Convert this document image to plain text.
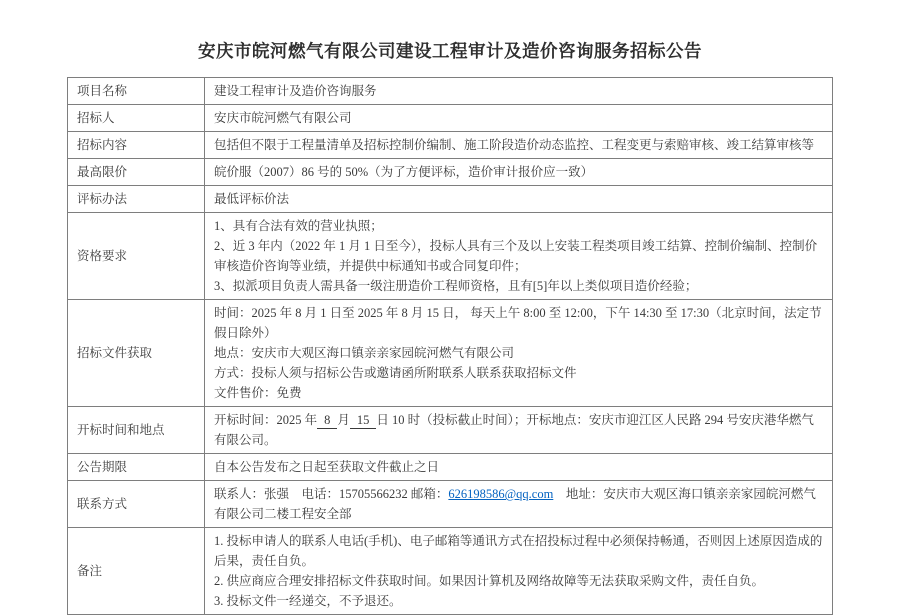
安庆市皖河燃气有限公司建设工程审计及造价咨询服务招标公告
项目名称	建设工程审计及造价咨询服务
招标人	安庆市皖河燃气有限公司
招标内容	包括但不限于工程量清单及招标控制价编制、施工阶段造价动态监控、工程变更与索赔审核、竣工结算审核等
最高限价	皖价服（2007）86 号的 50%（为了方便评标，造价审计报价应一致）
评标办法	最低评标价法
资格要求	1、具有合法有效的营业执照；
2、近 3 年内（2022 年 1 月 1 日至今），投标人具有三个及以上安装工程类项目竣工结算、控制价编制、控制价审核造价咨询等业绩，并提供中标通知书或合同复印件；
3、拟派项目负责人需具备一级注册造价工程师资格，且有[5]年以上类似项目造价经验；

招标文件获取	时间：2025 年 8 月 1 日至 2025 年 8 月 15 日， 每天上午 8:00 至 12:00，下午 14:30 至 17:30（北京时间，法定节假日除外）
地点：安庆市大观区海口镇亲亲家园皖河燃气有限公司
方式：投标人须与招标公告或邀请函所附联系人联系获取招标文件
文件售价：免费

开标时间和地点	开标时间：2025 年 8 月 15 日 10 时（投标截止时间）；开标地点：安庆市迎江区人民路 294 号安庆港华燃气有限公司。
公告期限	自本公告发布之日起至获取文件截止之日
联系方式	联系人：张强　电话：15705566232 邮箱：626198586@qq.com　地址：安庆市大观区海口镇亲亲家园皖河燃气有限公司二楼工程安全部
备注	1. 投标申请人的联系人电话(手机)、电子邮箱等通讯方式在招投标过程中必须保持畅通，否则因上述原因造成的后果，责任自负。
2. 供应商应合理安排招标文件获取时间。如果因计算机及网络故障等无法获取采购文件，责任自负。
3. 投标文件一经递交，不予退还。
